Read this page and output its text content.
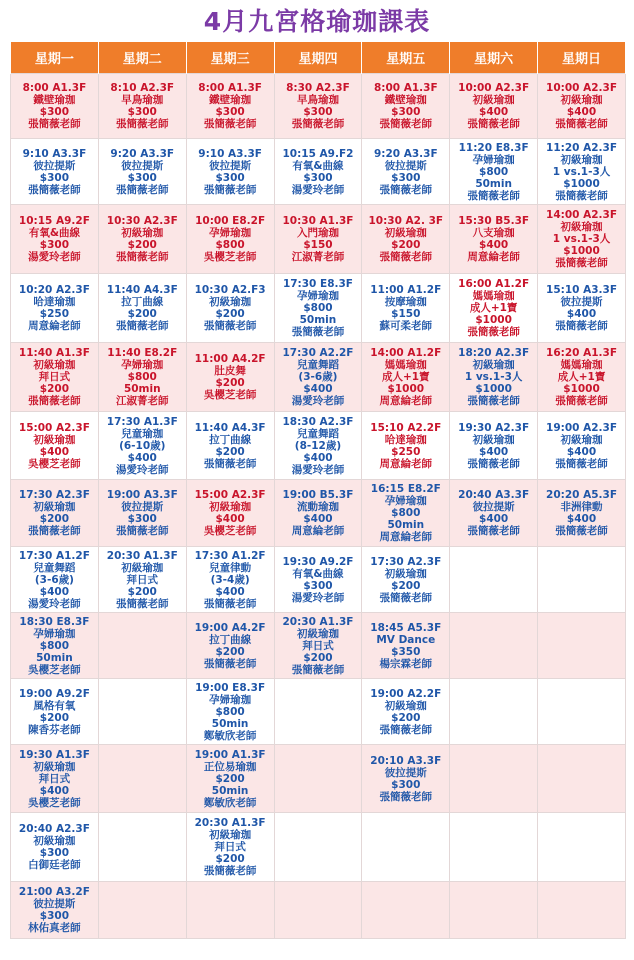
4月九宮格瑜珈課表
星期一	星期二	星期三	星期四	星期五	星期六	星期日

8:00 A1.3F
鐵壁瑜珈
$300
張簡薇老師	8:10 A2.3F
早鳥瑜珈
$300
張簡薇老師	8:00 A1.3F
鐵壁瑜珈
$300
張簡薇老師	8:30 A2.3F
早鳥瑜珈
$300
張簡薇老師	8:00 A1.3F
鐵壁瑜珈
$300
張簡薇老師	10:00 A2.3F
初級瑜珈
$400
張簡薇老師	10:00 A2.3F
初級瑜珈
$400
張簡薇老師

9:10 A3.3F
彼拉提斯
$300
張簡薇老師	9:20 A3.3F
彼拉提斯
$300
張簡薇老師	9:10 A3.3F
彼拉提斯
$300
張簡薇老師	10:15 A9.F2
有氧&曲線
$300
湯愛玲老師	9:20 A3.3F
彼拉提斯
$300
張簡薇老師	11:20 E8.3F
孕婦瑜珈
$800
50min
張簡薇老師	11:20 A2.3F
初級瑜珈
1 vs.1-3人
$1000
張簡薇老師

10:15 A9.2F
有氧&曲線
$300
湯愛玲老師	10:30 A2.3F
初級瑜珈
$200
張簡薇老師	10:00 E8.2F
孕婦瑜珈
$800
吳櫻芝老師	10:30 A1.3F
入門瑜珈
$150
江淑菁老師	10:30 A2. 3F
初級瑜珈
$200
張簡薇老師	15:30 B5.3F
八支瑜珈
$400
周意綸老師	14:00 A2.3F
初級瑜珈
1 vs.1-3人
$1000
張簡薇老師

10:20 A2.3F
哈達瑜珈
$250
周意綸老師	11:40 A4.3F
拉丁曲線
$200
張簡薇老師	10:30 A2.F3
初級瑜珈
$200
張簡薇老師	17:30 E8.3F
孕婦瑜珈
$800
50min
張簡薇老師	11:00 A1.2F
按摩瑜珈
$150
蘇可柔老師	16:00 A1.2F
媽媽瑜珈
成人+1寶
$1000
張簡薇老師	15:10 A3.3F
彼拉提斯
$400
張簡薇老師

11:40 A1.3F
初級瑜珈
拜日式
$200
張簡薇老師	11:40 E8.2F
孕婦瑜珈
$800
50min
江淑菁老師	11:00 A4.2F
肚皮舞
$200
吳櫻芝老師	17:30 A2.2F
兒童舞蹈
(3-6歲)
$400
湯愛玲老師	14:00 A1.2F
媽媽瑜珈
成人+1寶
$1000
周意綸老師	18:20 A2.3F
初級瑜珈
1 vs.1-3人
$1000
張簡薇老師	16:20 A1.3F
媽媽瑜珈
成人+1寶
$1000
張簡薇老師

15:00 A2.3F
初級瑜珈
$400
吳櫻芝老師	17:30 A1.3F
兒童瑜珈
(6-10歲)
$400
湯愛玲老師	11:40 A4.3F
拉丁曲線
$200
張簡薇老師	18:30 A2.3F
兒童舞蹈
(8-12歲)
$400
湯愛玲老師	15:10 A2.2F
哈達瑜珈
$250
周意綸老師	19:30 A2.3F
初級瑜珈
$400
張簡薇老師	19:00 A2.3F
初級瑜珈
$400
張簡薇老師

17:30 A2.3F
初級瑜珈
$200
張簡薇老師	19:00 A3.3F
彼拉提斯
$300
張簡薇老師	15:00 A2.3F
初級瑜珈
$400
吳櫻芝老師	19:00 B5.3F
流動瑜珈
$400
周意綸老師	16:15 E8.2F
孕婦瑜珈
$800
50min
周意綸老師	20:40 A3.3F
彼拉提斯
$400
張簡薇老師	20:20 A5.3F
非洲律動
$400
張簡薇老師

17:30 A1.2F
兒童舞蹈
(3-6歲)
$400
湯愛玲老師	20:30 A1.3F
初級瑜珈
拜日式
$200
張簡薇老師	17:30 A1.2F
兒童律動
(3-4歲)
$400
張簡薇老師	19:30 A9.2F
有氧&曲線
$300
湯愛玲老師	17:30 A2.3F
初級瑜珈
$200
張簡薇老師		

18:30 E8.3F
孕婦瑜珈
$800
50min
吳櫻芝老師		19:00 A4.2F
拉丁曲線
$200
張簡薇老師	20:30 A1.3F
初級瑜珈
拜日式
$200
張簡薇老師	18:45 A5.3F
MV Dance
$350
楊宗霖老師		

19:00 A9.2F
風格有氧
$200
陳香芬老師		19:00 E8.3F
孕婦瑜珈
$800
50min
鄭敏欣老師		19:00 A2.2F
初級瑜珈
$200
張簡薇老師		

19:30 A1.3F
初級瑜珈
拜日式
$400
吳櫻芝老師		19:00 A1.3F
正位易瑜珈
$200
50min
鄭敏欣老師		20:10 A3.3F
彼拉提斯
$300
張簡薇老師		

20:40 A2.3F
初級瑜珈
$300
白御廷老師		20:30 A1.3F
初級瑜珈
拜日式
$200
張簡薇老師				

21:00 A3.2F
彼拉提斯
$300
林佑真老師						
